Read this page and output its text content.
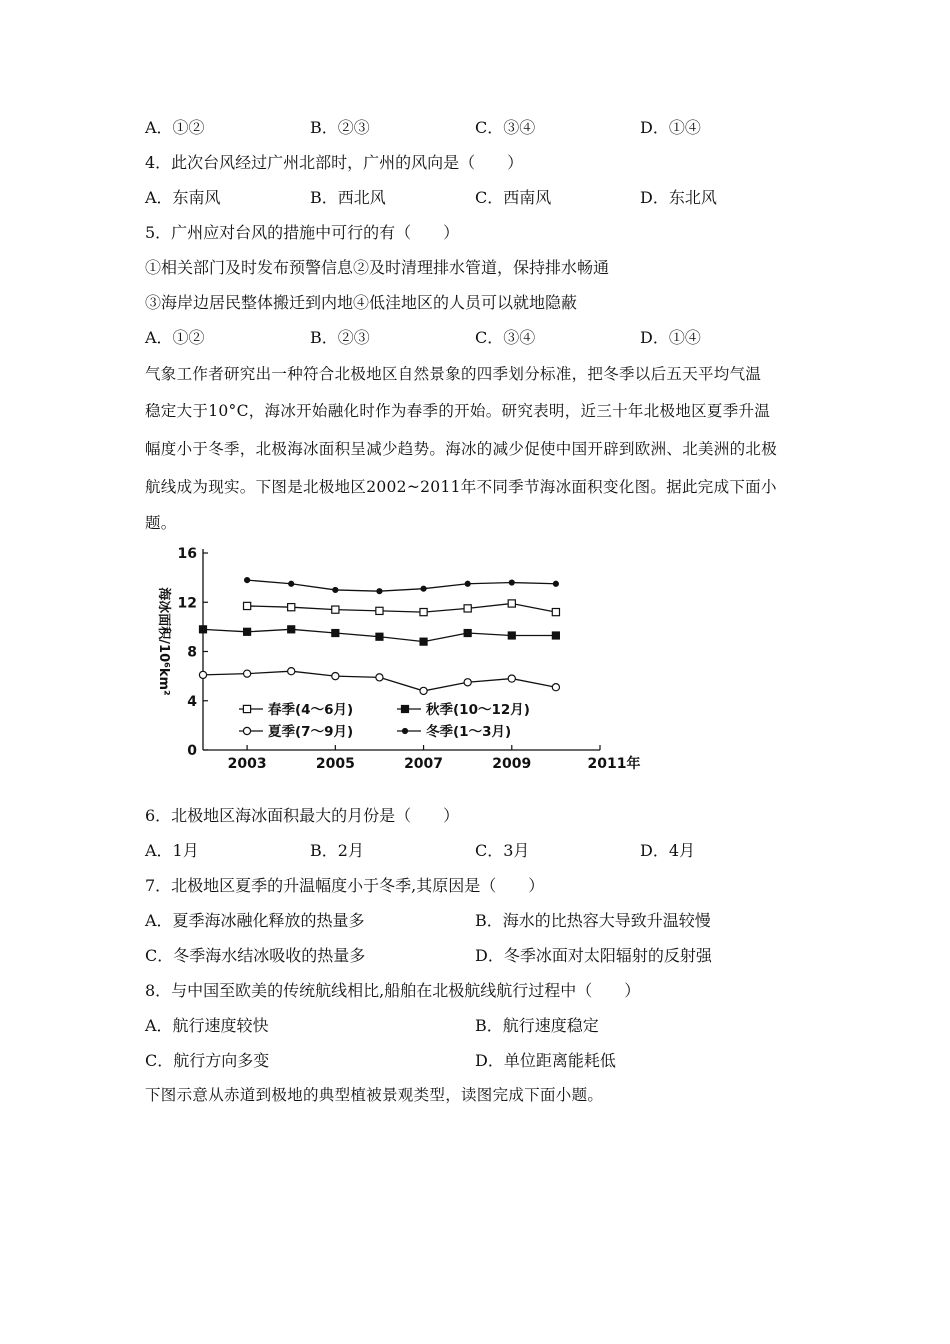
A．①②	B．②③	C．③④	D．①④
4．此次台风经过广州北部时，广州的风向是（　　）
A．东南风	B．西北风	C．西南风	D．东北风
5．广州应对台风的措施中可行的有（　　）
①相关部门及时发布预警信息②及时清理排水管道，保持排水畅通
③海岸边居民整体搬迁到内地④低洼地区的人员可以就地隐蔽
A．①②	B．②③	C．③④	D．①④
气象工作者研究出一种符合北极地区自然景象的四季划分标准，把冬季以后五天平均气温
稳定大于10°C，海冰开始融化时作为春季的开始。研究表明，近三十年北极地区夏季升温
幅度小于冬季，北极海冰面积呈减少趋势。海冰的减少促使中国开辟到欧洲、北美洲的北极
航线成为现实。下图是北极地区2002~2011年不同季节海冰面积变化图。据此完成下面小
题。
0
4
8
12
16
2003	2005	2007	2009	2011年
海冰面积/10⁶km²
春季(4～6月)	秋季(10～12月)
夏季(7～9月)	冬季(1～3月)
6．北极地区海冰面积最大的月份是（　　）
A．1月	B．2月	C．3月	D．4月
7．北极地区夏季的升温幅度小于冬季,其原因是（　　）
A．夏季海冰融化释放的热量多	B．海水的比热容大导致升温较慢
C．冬季海水结冰吸收的热量多	D．冬季冰面对太阳辐射的反射强
8．与中国至欧美的传统航线相比,船舶在北极航线航行过程中（　　）
A．航行速度较快	B．航行速度稳定
C．航行方向多变	D．单位距离能耗低
下图示意从赤道到极地的典型植被景观类型，读图完成下面小题。
